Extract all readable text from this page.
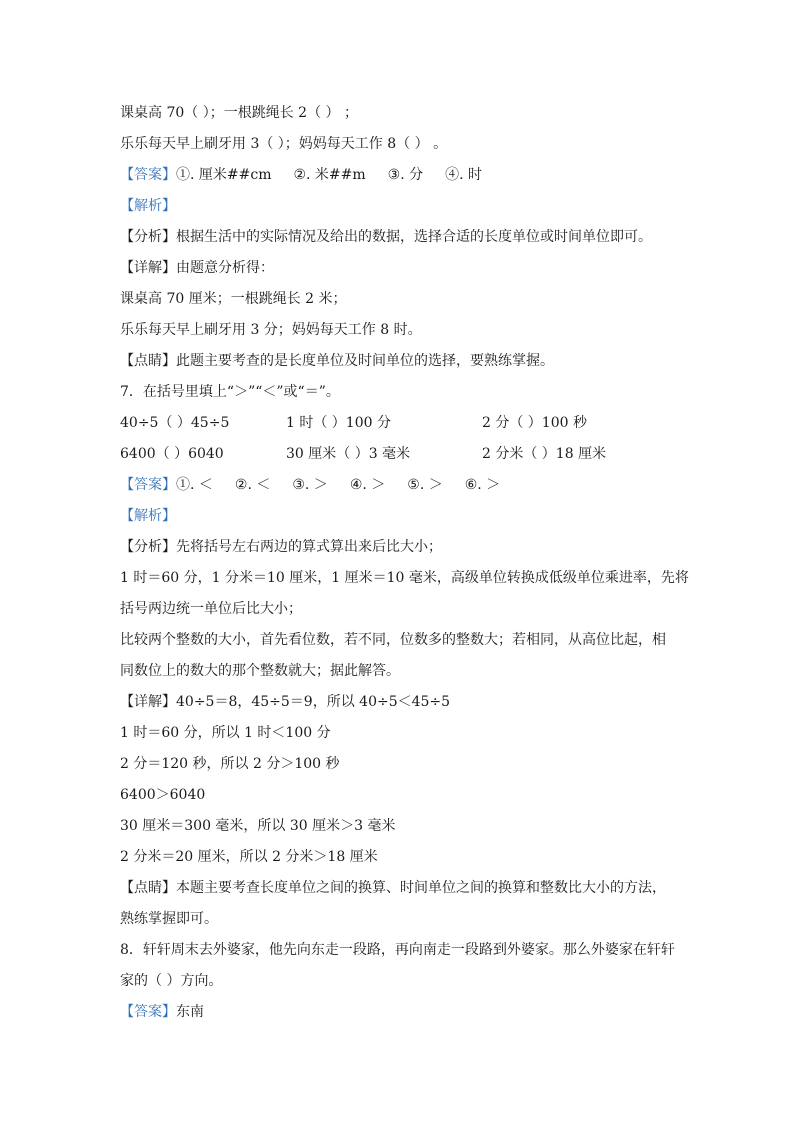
课桌高 70（ ）；一根跳绳长 2（ ） ；
乐乐每天早上刷牙用 3（ ）；妈妈每天工作 8（ ） 。
【答案】①. 厘米##cm ②. 米##m ③. 分 ④. 时
【解析】
【分析】根据生活中的实际情况及给出的数据，选择合适的长度单位或时间单位即可。
【详解】由题意分析得：
课桌高 70 厘米；一根跳绳长 2 米；
乐乐每天早上刷牙用 3 分；妈妈每天工作 8 时。
【点睛】此题主要考查的是长度单位及时间单位的选择，要熟练掌握。
7．在括号里填上“＞”“＜”或“＝”。
40÷5（ ）45÷5	1 时（ ）100 分	2 分（ ）100 秒
6400（ ）6040	30 厘米（ ）3 毫米	2 分米（ ）18 厘米
【答案】①. ＜ ②. ＜ ③. ＞ ④. ＞ ⑤. ＞ ⑥. ＞
【解析】
【分析】先将括号左右两边的算式算出来后比大小；
1 时＝60 分，1 分米＝10 厘米，1 厘米＝10 毫米，高级单位转换成低级单位乘进率，先将
括号两边统一单位后比大小；
比较两个整数的大小，首先看位数，若不同，位数多的整数大；若相同，从高位比起，相
同数位上的数大的那个整数就大；据此解答。
【详解】40÷5＝8，45÷5＝9，所以 40÷5＜45÷5
1 时＝60 分，所以 1 时＜100 分
2 分＝120 秒，所以 2 分＞100 秒
6400＞6040
30 厘米＝300 毫米，所以 30 厘米＞3 毫米
2 分米＝20 厘米，所以 2 分米＞18 厘米
【点睛】本题主要考查长度单位之间的换算、时间单位之间的换算和整数比大小的方法，
熟练掌握即可。
8．轩轩周末去外婆家，他先向东走一段路，再向南走一段路到外婆家。那么外婆家在轩轩
家的（ ）方向。
【答案】东南
